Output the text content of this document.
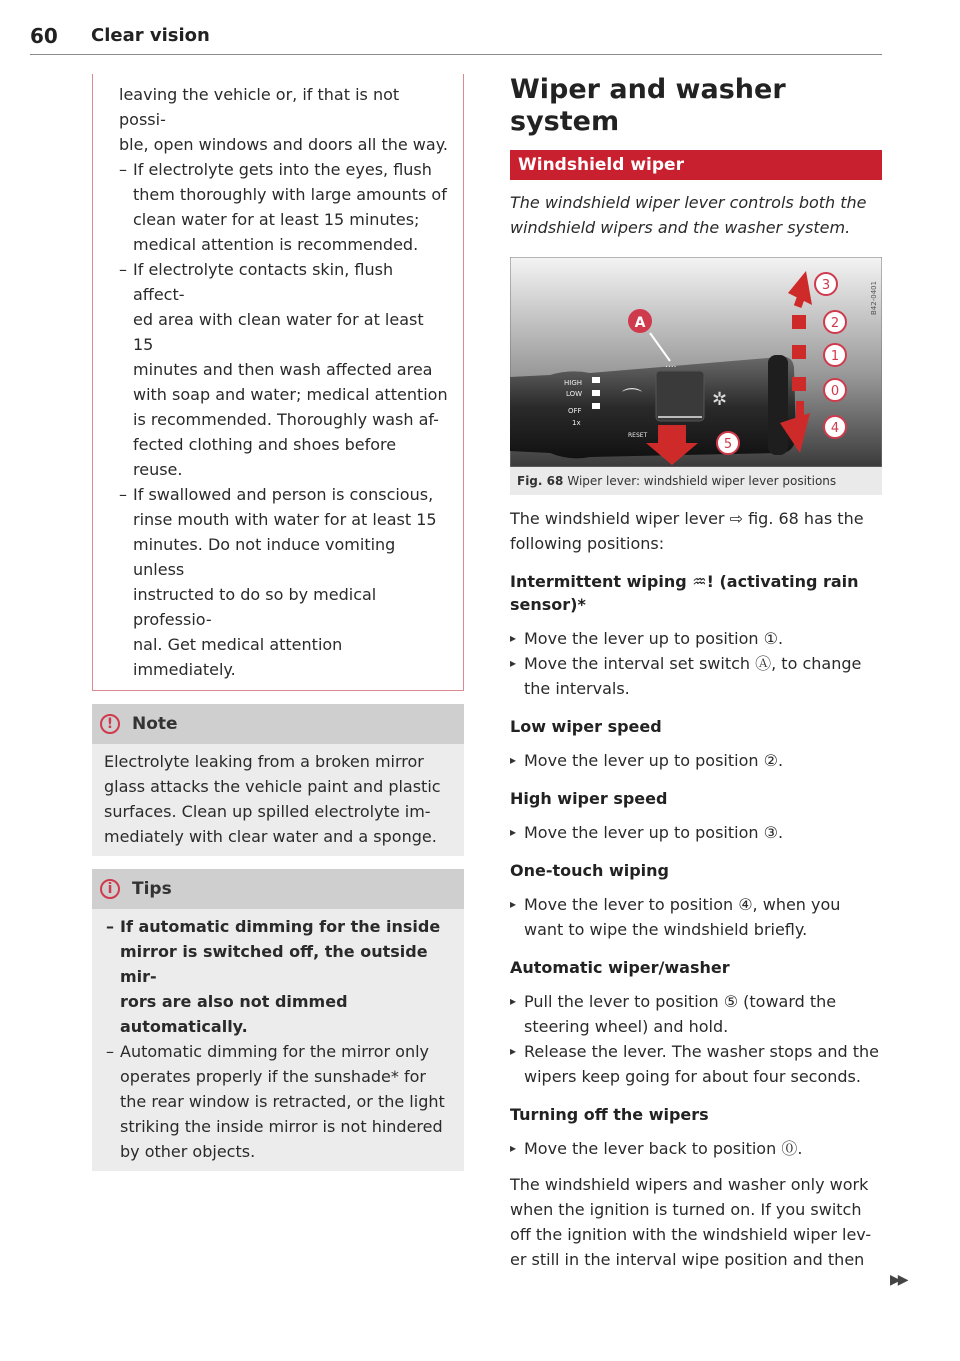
60 Clear vision
leaving the vehicle or, if that is not possi-
ble, open windows and doors all the way.
– If electrolyte gets into the eyes, flush
them thoroughly with large amounts of
clean water for at least 15 minutes;
medical attention is recommended.
– If electrolyte contacts skin, flush affect-
ed area with clean water for at least 15
minutes and then wash affected area
with soap and water; medical attention
is recommended. Thoroughly wash af-
fected clothing and shoes before reuse.
– If swallowed and person is conscious,
rinse mouth with water for at least 15
minutes. Do not induce vomiting unless
instructed to do so by medical professio-
nal. Get medical attention immediately.
!	Note
Electrolyte leaking from a broken mirror
glass attacks the vehicle paint and plastic
surfaces. Clean up spilled electrolyte im-
mediately with clear water and a sponge.
i	Tips
– If automatic dimming for the inside
mirror is switched off, the outside mir-
rors are also not dimmed automatically.
– Automatic dimming for the mirror only
operates properly if the sunshade* for
the rear window is retracted, or the light
striking the inside mirror is not hindered
by other objects.
Wiper and washer
system
Windshield wiper
The windshield wiper lever controls both the
windshield wipers and the washer system.
....
⌒	✲
HIGH
LOW
OFF
1x
RESET
A
3
2
1
0
4
5
B42-0401
Fig. 68 Wiper lever: windshield wiper lever positions
The windshield wiper lever ⇨ fig. 68 has the
following positions:
Intermittent wiping ♒! (activating rain
sensor)*
▸ Move the lever up to position ①.
▸ Move the interval set switch Ⓐ, to change
the intervals.
Low wiper speed
▸ Move the lever up to position ②.
High wiper speed
▸ Move the lever up to position ③.
One-touch wiping
▸ Move the lever to position ④, when you
want to wipe the windshield briefly.
Automatic wiper/washer
▸ Pull the lever to position ⑤ (toward the
steering wheel) and hold.
▸ Release the lever. The washer stops and the
wipers keep going for about four seconds.
Turning off the wipers
▸ Move the lever back to position ⓪.
The windshield wipers and washer only work
when the ignition is turned on. If you switch
off the ignition with the windshield wiper lev-
er still in the interval wipe position and then
▶▶
